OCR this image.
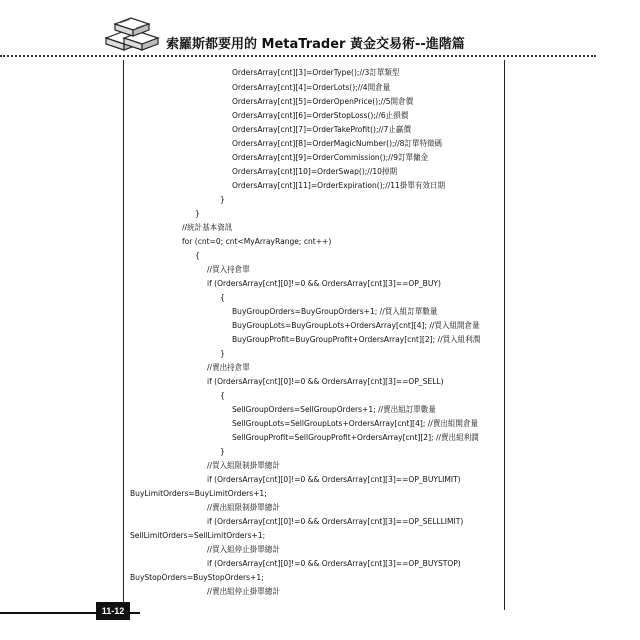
索羅斯都要用的 MetaTrader 黃金交易術--進階篇
OrdersArray[cnt][3]=OrderType();//3訂單類型
OrdersArray[cnt][4]=OrderLots();//4開倉量
OrdersArray[cnt][5]=OrderOpenPrice();//5開倉價
OrdersArray[cnt][6]=OrderStopLoss();//6止損價
OrdersArray[cnt][7]=OrderTakeProfit();//7止贏價
OrdersArray[cnt][8]=OrderMagicNumber();//8訂單特徵碼
OrdersArray[cnt][9]=OrderCommission();//9訂單傭金
OrdersArray[cnt][10]=OrderSwap();//10掉期
OrdersArray[cnt][11]=OrderExpiration();//11掛單有效日期
}
}
//統計基本資訊
for (cnt=0; cnt<MyArrayRange; cnt++)
{
//買入持倉單
if (OrdersArray[cnt][0]!=0 && OrdersArray[cnt][3]==OP_BUY)
{
BuyGroupOrders=BuyGroupOrders+1; //買入組訂單數量
BuyGroupLots=BuyGroupLots+OrdersArray[cnt][4]; //買入組開倉量
BuyGroupProfit=BuyGroupProfit+OrdersArray[cnt][2]; //買入組利潤
}
//賣出持倉單
if (OrdersArray[cnt][0]!=0 && OrdersArray[cnt][3]==OP_SELL)
{
SellGroupOrders=SellGroupOrders+1; //賣出組訂單數量
SellGroupLots=SellGroupLots+OrdersArray[cnt][4]; //賣出組開倉量
SellGroupProfit=SellGroupProfit+OrdersArray[cnt][2]; //賣出組利潤
}
//買入組限制掛單總計
if (OrdersArray[cnt][0]!=0 && OrdersArray[cnt][3]==OP_BUYLIMIT)
BuyLimitOrders=BuyLimitOrders+1;
//賣出組限制掛單總計
if (OrdersArray[cnt][0]!=0 && OrdersArray[cnt][3]==OP_SELLLIMIT)
SellLimitOrders=SellLimitOrders+1;
//買入組停止掛單總計
if (OrdersArray[cnt][0]!=0 && OrdersArray[cnt][3]==OP_BUYSTOP)
BuyStopOrders=BuyStopOrders+1;
//賣出組停止掛單總計
11-12
